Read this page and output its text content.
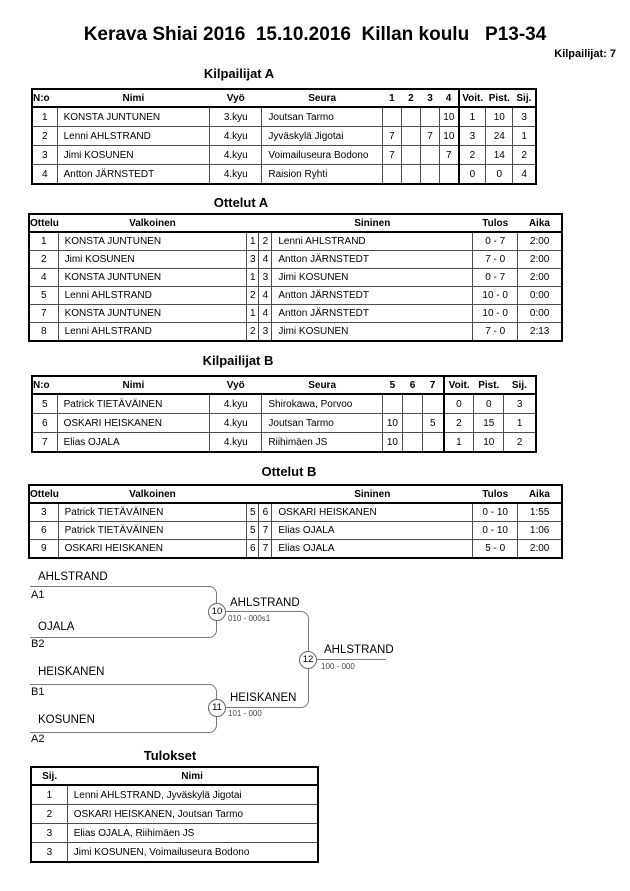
Kerava Shiai 2016  15.10.2016  Killan koulu   P13-34
Kilpailijat: 7
Kilpailijat A
N:o	Nimi	Vyö	Seura	1	2	3	4	Voit.	Pist.	Sij.
1	KONSTA JUNTUNEN	3.kyu	Joutsan Tarmo				10	1	10	3
2	Lenni AHLSTRAND	4.kyu	Jyväskylä Jigotai	7		7	10	3	24	1
3	Jimi KOSUNEN	4.kyu	Voimailuseura Bodono	7			7	2	14	2
4	Antton JÄRNSTEDT	4.kyu	Raision Ryhti					0	0	4
Ottelut A
Ottelu	Valkoinen			Sininen	Tulos	Aika
1	KONSTA JUNTUNEN	1	2	Lenni AHLSTRAND	0 - 7	2:00
2	Jimi KOSUNEN	3	4	Antton JÄRNSTEDT	7 - 0	2:00
4	KONSTA JUNTUNEN	1	3	Jimi KOSUNEN	0 - 7	2:00
5	Lenni AHLSTRAND	2	4	Antton JÄRNSTEDT	10 - 0	0:00
7	KONSTA JUNTUNEN	1	4	Antton JÄRNSTEDT	10 - 0	0:00
8	Lenni AHLSTRAND	2	3	Jimi KOSUNEN	7 - 0	2:13
Kilpailijat B
N:o	Nimi	Vyö	Seura	5	6	7	Voit.	Pist.	Sij.
5	Patrick TIETÄVÄINEN	4.kyu	Shirokawa, Porvoo				0	0	3
6	OSKARI HEISKANEN	4.kyu	Joutsan Tarmo	10		5	2	15	1
7	Elias OJALA	4.kyu	Riihimäen JS	10			1	10	2
Ottelut B
Ottelu	Valkoinen			Sininen	Tulos	Aika
3	Patrick TIETÄVÄINEN	5	6	OSKARI HEISKANEN	0 - 10	1:55
6	Patrick TIETÄVÄINEN	5	7	Elias OJALA	0 - 10	1:06
9	OSKARI HEISKANEN	6	7	Elias OJALA	5 - 0	2:00
AHLSTRAND
A1
OJALA
B2
10
AHLSTRAND
010 - 000s1
HEISKANEN
B1
KOSUNEN
A2
11
HEISKANEN
101 - 000
12
AHLSTRAND
100 - 000
Tulokset
Sij.	Nimi
1	Lenni AHLSTRAND, Jyväskylä Jigotai
2	OSKARI HEISKANEN, Joutsan Tarmo
3	Elias OJALA, Riihimäen JS
3	Jimi KOSUNEN, Voimailuseura Bodono
